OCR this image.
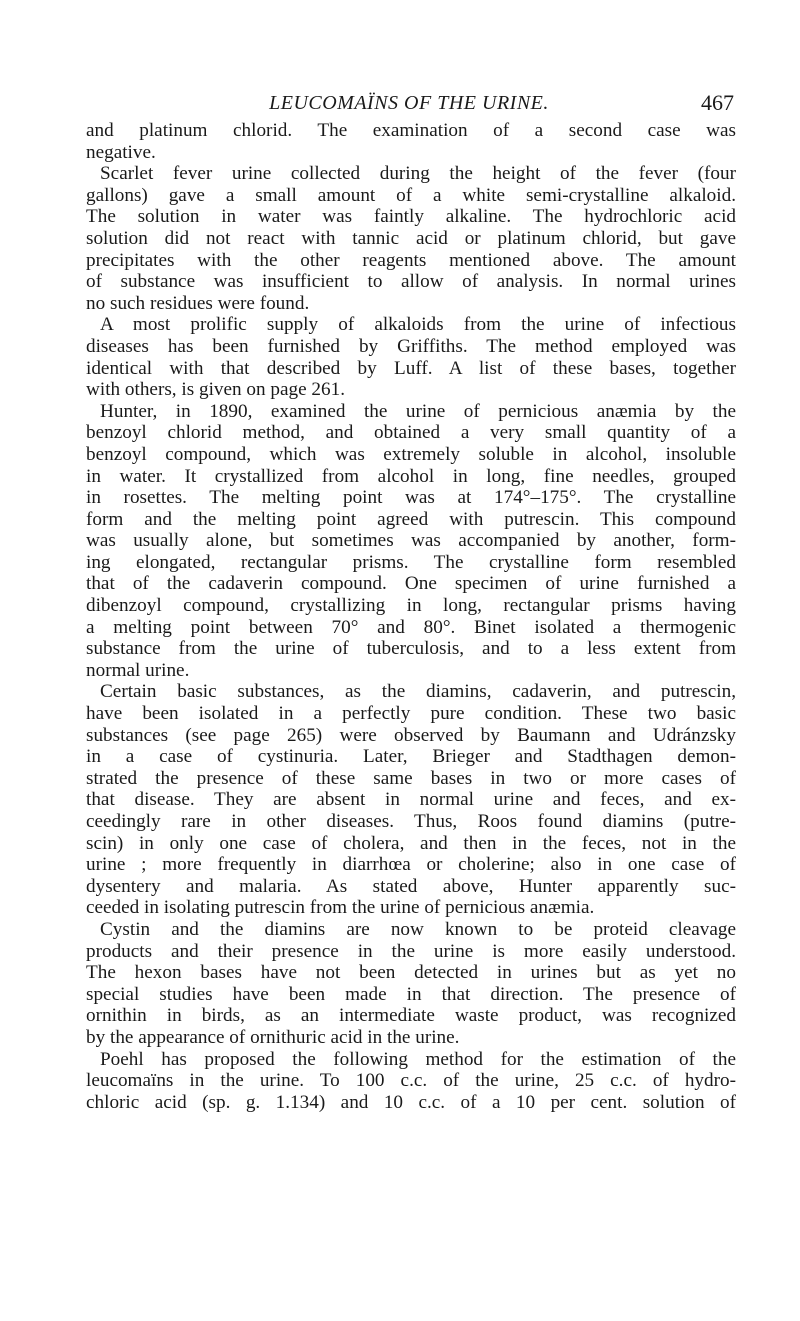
LEUCOMAÏNS OF THE URINE.	467
and platinum chlorid. The examination of a second case was
negative.
Scarlet fever urine collected during the height of the fever (four
gallons) gave a small amount of a white semi-crystalline alkaloid.
The solution in water was faintly alkaline. The hydrochloric acid
solution did not react with tannic acid or platinum chlorid, but gave
precipitates with the other reagents mentioned above. The amount
of substance was insufficient to allow of analysis. In normal urines
no such residues were found.
A most prolific supply of alkaloids from the urine of infectious
diseases has been furnished by Griffiths. The method employed was
identical with that described by Luff. A list of these bases, together
with others, is given on page 261.
Hunter, in 1890, examined the urine of pernicious anæmia by the
benzoyl chlorid method, and obtained a very small quantity of a
benzoyl compound, which was extremely soluble in alcohol, insoluble
in water. It crystallized from alcohol in long, fine needles, grouped
in rosettes. The melting point was at 174°–175°. The crystalline
form and the melting point agreed with putrescin. This compound
was usually alone, but sometimes was accompanied by another, form-
ing elongated, rectangular prisms. The crystalline form resembled
that of the cadaverin compound. One specimen of urine furnished a
dibenzoyl compound, crystallizing in long, rectangular prisms having
a melting point between 70° and 80°. Binet isolated a thermogenic
substance from the urine of tuberculosis, and to a less extent from
normal urine.
Certain basic substances, as the diamins, cadaverin, and putrescin,
have been isolated in a perfectly pure condition. These two basic
substances (see page 265) were observed by Baumann and Udránzsky
in a case of cystinuria. Later, Brieger and Stadthagen demon-
strated the presence of these same bases in two or more cases of
that disease. They are absent in normal urine and feces, and ex-
ceedingly rare in other diseases. Thus, Roos found diamins (putre-
scin) in only one case of cholera, and then in the feces, not in the
urine ; more frequently in diarrhœa or cholerine; also in one case of
dysentery and malaria. As stated above, Hunter apparently suc-
ceeded in isolating putrescin from the urine of pernicious anæmia.
Cystin and the diamins are now known to be proteid cleavage
products and their presence in the urine is more easily understood.
The hexon bases have not been detected in urines but as yet no
special studies have been made in that direction. The presence of
ornithin in birds, as an intermediate waste product, was recognized
by the appearance of ornithuric acid in the urine.
Poehl has proposed the following method for the estimation of the
leucomaïns in the urine. To 100 c.c. of the urine, 25 c.c. of hydro-
chloric acid (sp. g. 1.134) and 10 c.c. of a 10 per cent. solution of
